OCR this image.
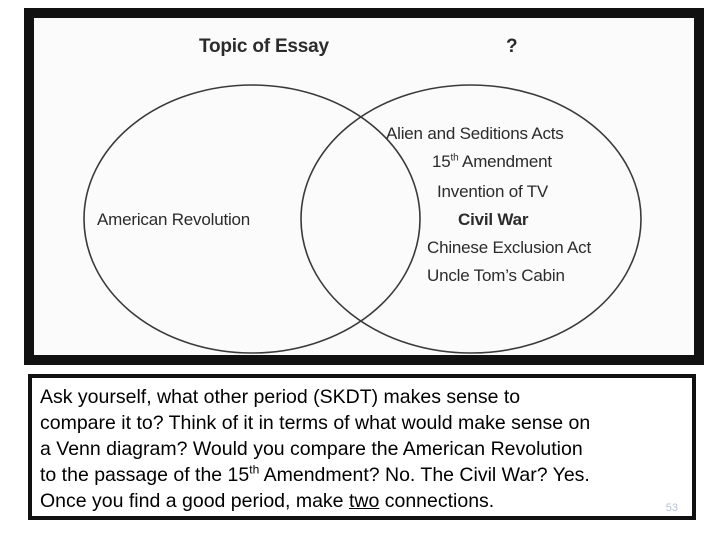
Topic of Essay	?
American Revolution
Alien and Seditions Acts
15th Amendment
Invention of TV
Civil War
Chinese Exclusion Act
Uncle Tom’s Cabin
Ask yourself, what other period (SKDT) makes sense to
compare it to? Think of it in terms of what would make sense on
a Venn diagram? Would you compare the American Revolution
to the passage of the 15th Amendment? No. The Civil War? Yes.
Once you find a good period, make two connections.	53
